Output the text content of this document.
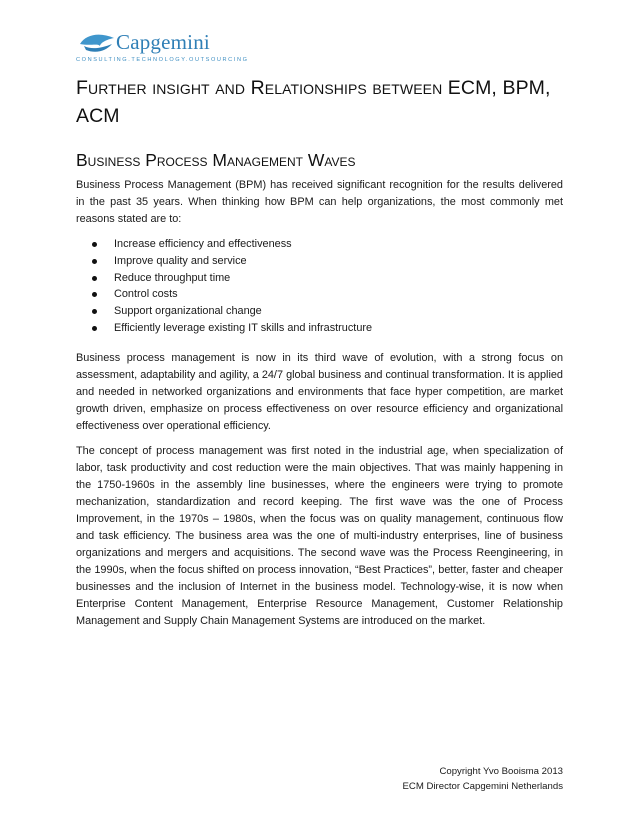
Capgemini
CONSULTING.TECHNOLOGY.OUTSOURCING
Further insight and Relationships between ECM, BPM, ACM
Business Process Management Waves

Business Process Management (BPM) has received significant recognition for the results delivered in the past 35 years. When thinking how BPM can help organizations, the most commonly met reasons stated are to:

Increase efficiency and effectiveness
Improve quality and service
Reduce throughput time
Control costs
Support organizational change
Efficiently leverage existing IT skills and infrastructure

Business process management is now in its third wave of evolution, with a strong focus on assessment, adaptability and agility, a 24/7 global business and continual transformation. It is applied and needed in networked organizations and environments that face hyper competition, are market growth driven, emphasize on process effectiveness on over resource efficiency and organizational effectiveness over operational efficiency.

The concept of process management was first noted in the industrial age, when specialization of labor, task productivity and cost reduction were the main objectives. That was mainly happening in the 1750-1960s in the assembly line businesses, where the engineers were trying to promote mechanization, standardization and record keeping. The first wave was the one of Process Improvement, in the 1970s – 1980s, when the focus was on quality management, continuous flow and task efficiency. The business area was the one of multi-industry enterprises, line of business organizations and mergers and acquisitions. The second wave was the Process Reengineering, in the 1990s, when the focus shifted on process innovation, “Best Practices”, better, faster and cheaper businesses and the inclusion of Internet in the business model. Technology-wise, it is now when Enterprise Content Management, Enterprise Resource Management, Customer Relationship Management and Supply Chain Management Systems are introduced on the market.

Copyright Yvo Booisma 2013
ECM Director Capgemini Netherlands
